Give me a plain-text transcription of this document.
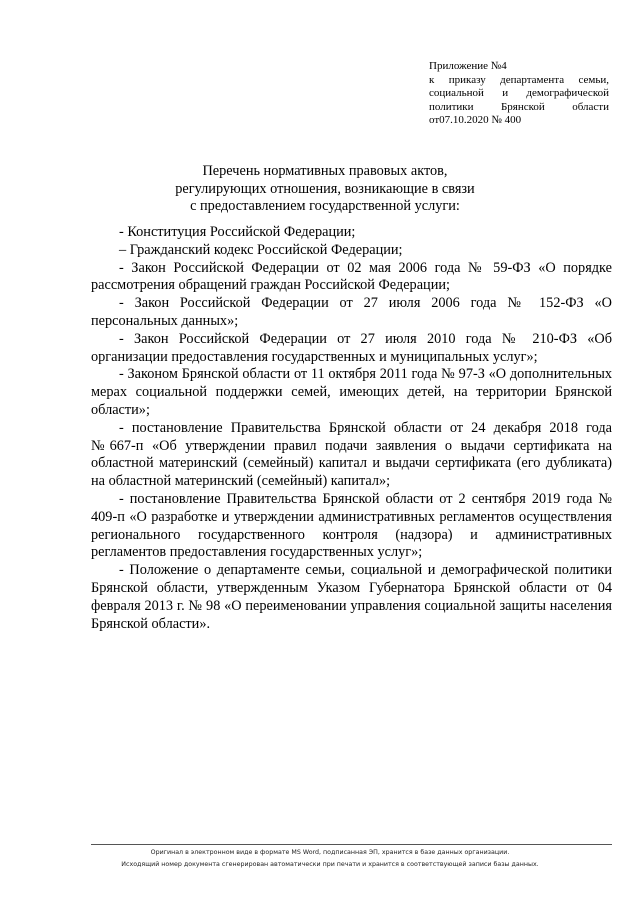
Приложение №4
к приказу департамента семьи,
социальной и демографической
политики Брянской области
от07.10.2020 № 400
Перечень нормативных правовых актов,
регулирующих отношения, возникающие в связи
с предоставлением государственной услуги:

- Конституция Российской Федерации;

– Гражданский кодекс Российской Федерации;

- Закон Российской Федерации от 02 мая 2006 года № 59-ФЗ «О порядке рассмотрения обращений граждан Российской Федерации;

- Закон Российской Федерации от 27 июля 2006 года № 152-ФЗ «О персональных данных»;

- Закон Российской Федерации от 27 июля 2010 года № 210-ФЗ «Об организации предоставления государственных и муниципальных услуг»;

- Законом Брянской области от 11 октября 2011 года № 97-З «О дополнительных мерах социальной поддержки семей, имеющих детей, на территории Брянской области»;

- постановление Правительства Брянской области от 24 декабря 2018 года №667-п «Об утверждении правил подачи заявления о выдачи сертификата на областной материнский (семейный) капитал и выдачи сертификата (его дубликата) на областной материнский (семейный) капитал»;

- постановление Правительства Брянской области от 2 сентября 2019 года № 409-п «О разработке и утверждении административных регламентов осуществления регионального государственного контроля (надзора) и административных регламентов предоставления государственных услуг»;

- Положение о департаменте семьи, социальной и демографической политики Брянской области, утвержденным Указом Губернатора Брянской области от 04 февраля 2013 г. № 98 «О переименовании управления социальной защиты населения Брянской области».

Оригинал в электронном виде в формате MS Word, подписанная ЭП, хранится в базе данных организации.
Исходящий номер документа сгенерирован автоматически при печати и хранится в соответствующей записи базы данных.
